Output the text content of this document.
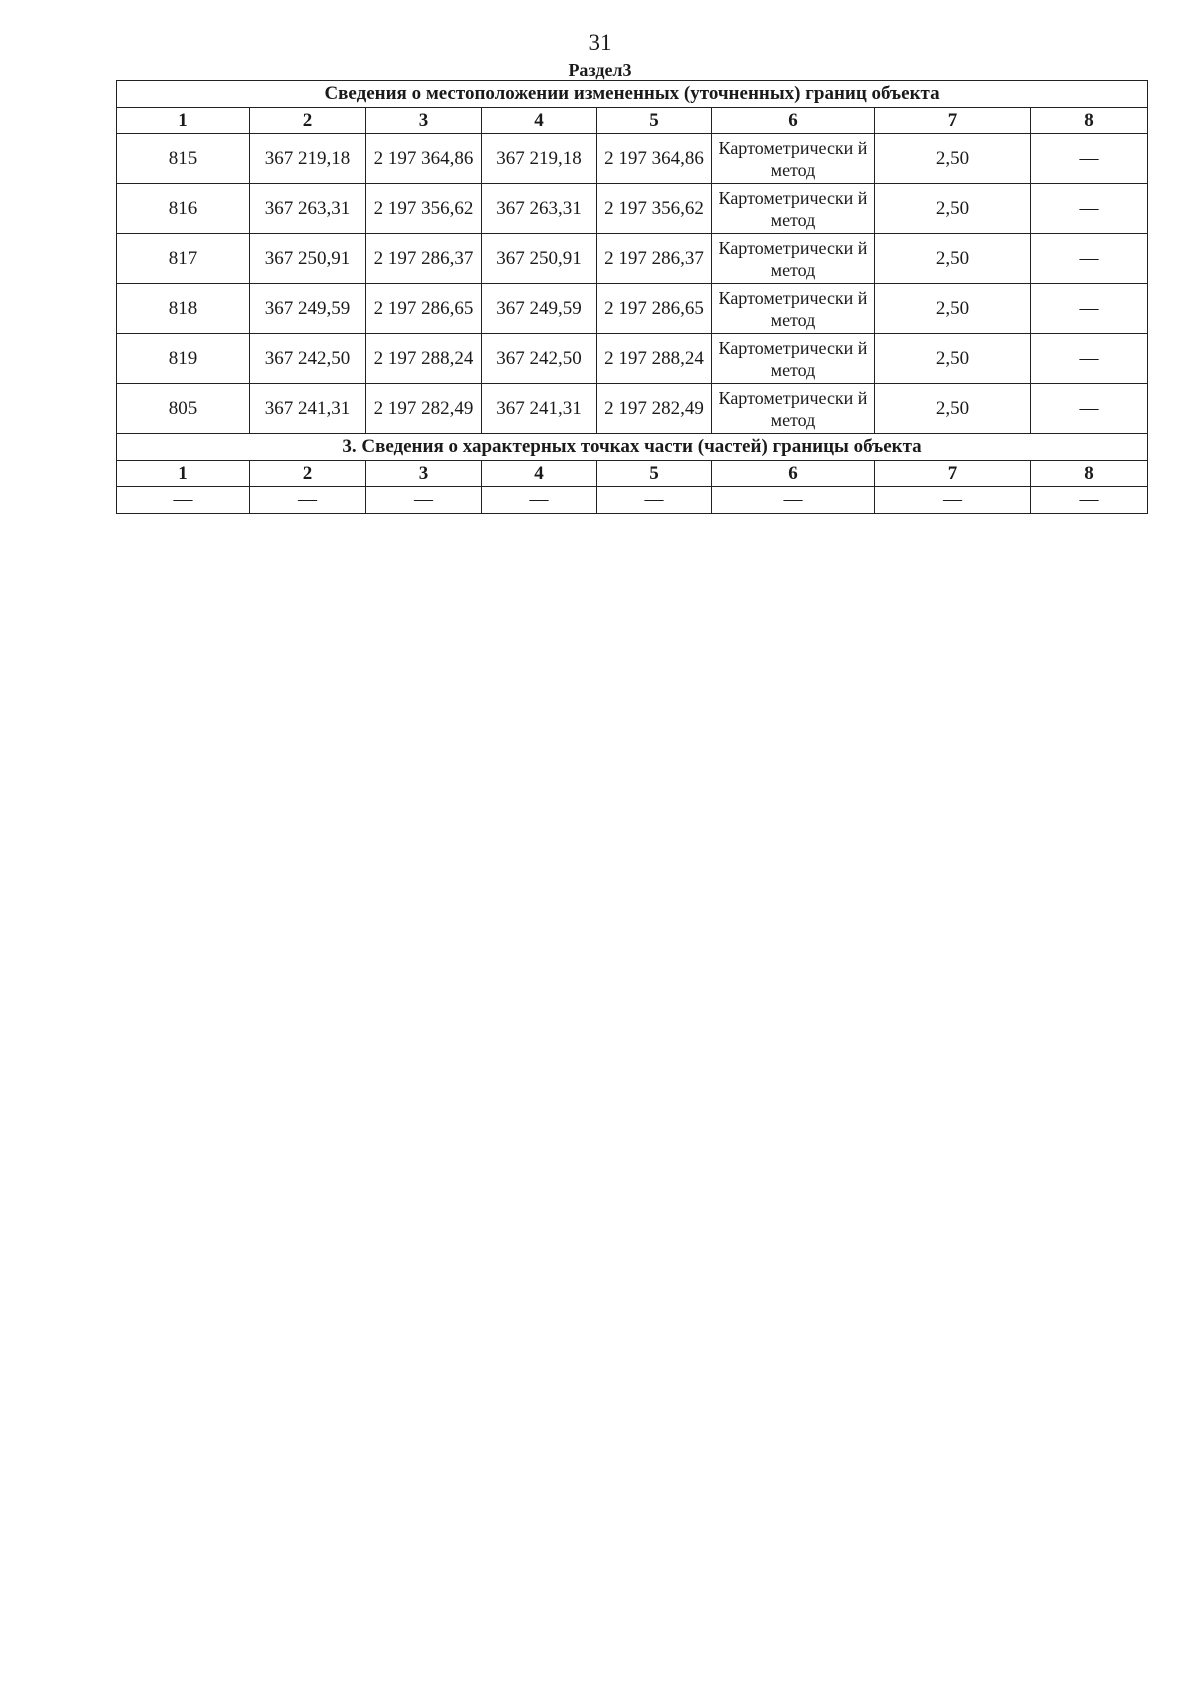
31
Раздел3
Сведения о местоположении измененных (уточненных) границ объекта							
1	2	3	4	5	6	7	8
815	367 219,18	2 197 364,86	367 219,18	2 197 364,86	Картометрически й метод	2,50	—
816	367 263,31	2 197 356,62	367 263,31	2 197 356,62	Картометрически й метод	2,50	—
817	367 250,91	2 197 286,37	367 250,91	2 197 286,37	Картометрически й метод	2,50	—
818	367 249,59	2 197 286,65	367 249,59	2 197 286,65	Картометрически й метод	2,50	—
819	367 242,50	2 197 288,24	367 242,50	2 197 288,24	Картометрически й метод	2,50	—
805	367 241,31	2 197 282,49	367 241,31	2 197 282,49	Картометрически й метод	2,50	—
3. Сведения о характерных точках части (частей) границы объекта							
1	2	3	4	5	6	7	8
—	—	—	—	—	—	—	—
